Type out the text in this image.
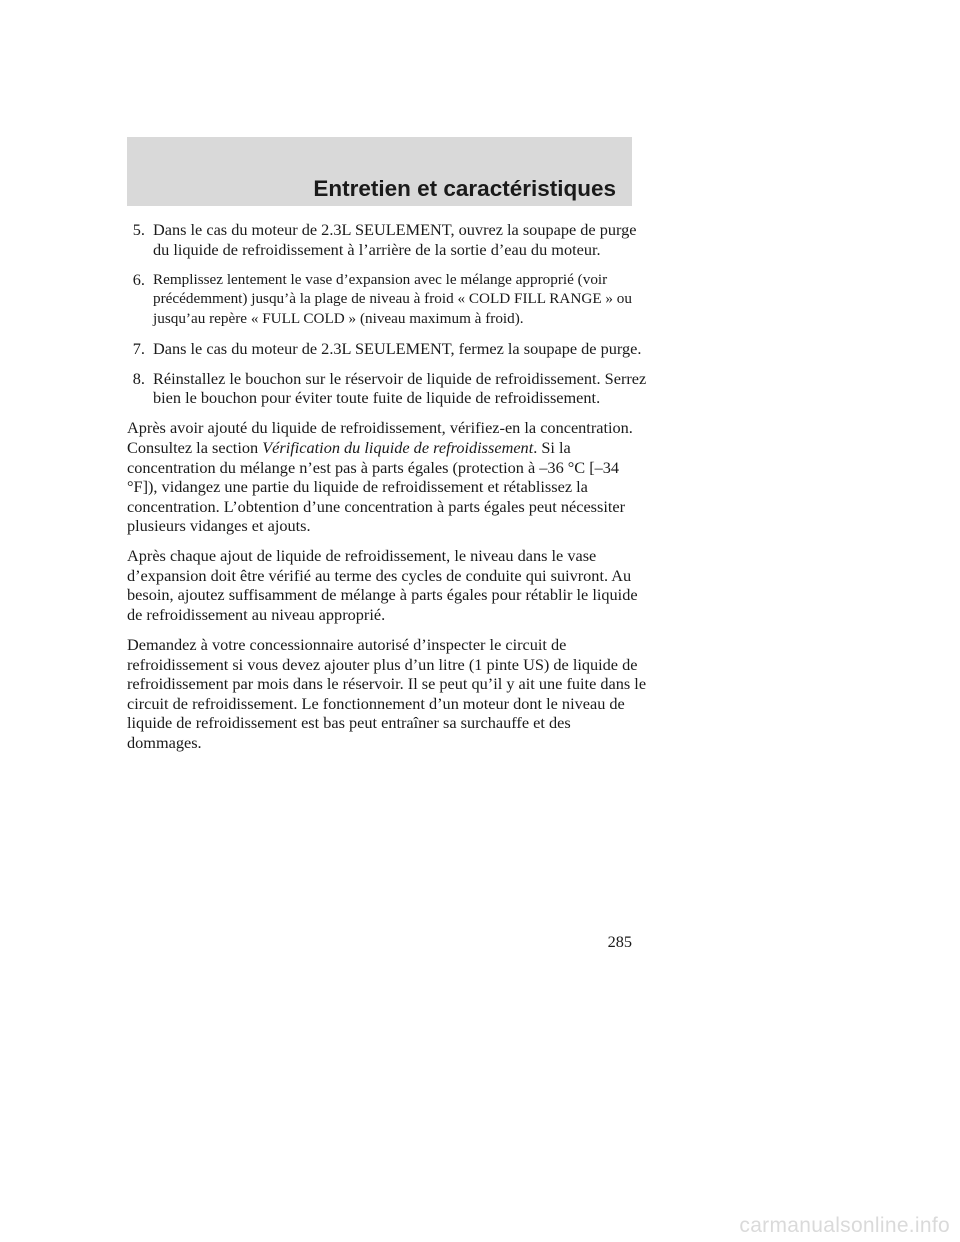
Entretien et caractéristiques
5. Dans le cas du moteur de 2.3L SEULEMENT, ouvrez la soupape de purge du liquide de refroidissement à l’arrière de la sortie d’eau du moteur.
6. Remplissez lentement le vase d’expansion avec le mélange approprié (voir précédemment) jusqu’à la plage de niveau à froid « COLD FILL RANGE » ou jusqu’au repère « FULL COLD » (niveau maximum à froid).
7. Dans le cas du moteur de 2.3L SEULEMENT, fermez la soupape de purge.
8. Réinstallez le bouchon sur le réservoir de liquide de refroidissement. Serrez bien le bouchon pour éviter toute fuite de liquide de refroidissement.

Après avoir ajouté du liquide de refroidissement, vérifiez-en la concentration. Consultez la section Vérification du liquide de refroidissement. Si la concentration du mélange n’est pas à parts égales (protection à –36 °C [–34 °F]), vidangez une partie du liquide de refroidissement et rétablissez la concentration. L’obtention d’une concentration à parts égales peut nécessiter plusieurs vidanges et ajouts.

Après chaque ajout de liquide de refroidissement, le niveau dans le vase d’expansion doit être vérifié au terme des cycles de conduite qui suivront. Au besoin, ajoutez suffisamment de mélange à parts égales pour rétablir le liquide de refroidissement au niveau approprié.

Demandez à votre concessionnaire autorisé d’inspecter le circuit de refroidissement si vous devez ajouter plus d’un litre (1 pinte US) de liquide de refroidissement par mois dans le réservoir. Il se peut qu’il y ait une fuite dans le circuit de refroidissement. Le fonctionnement d’un moteur dont le niveau de liquide de refroidissement est bas peut entraîner sa surchauffe et des dommages.

285
carmanualsonline.info
